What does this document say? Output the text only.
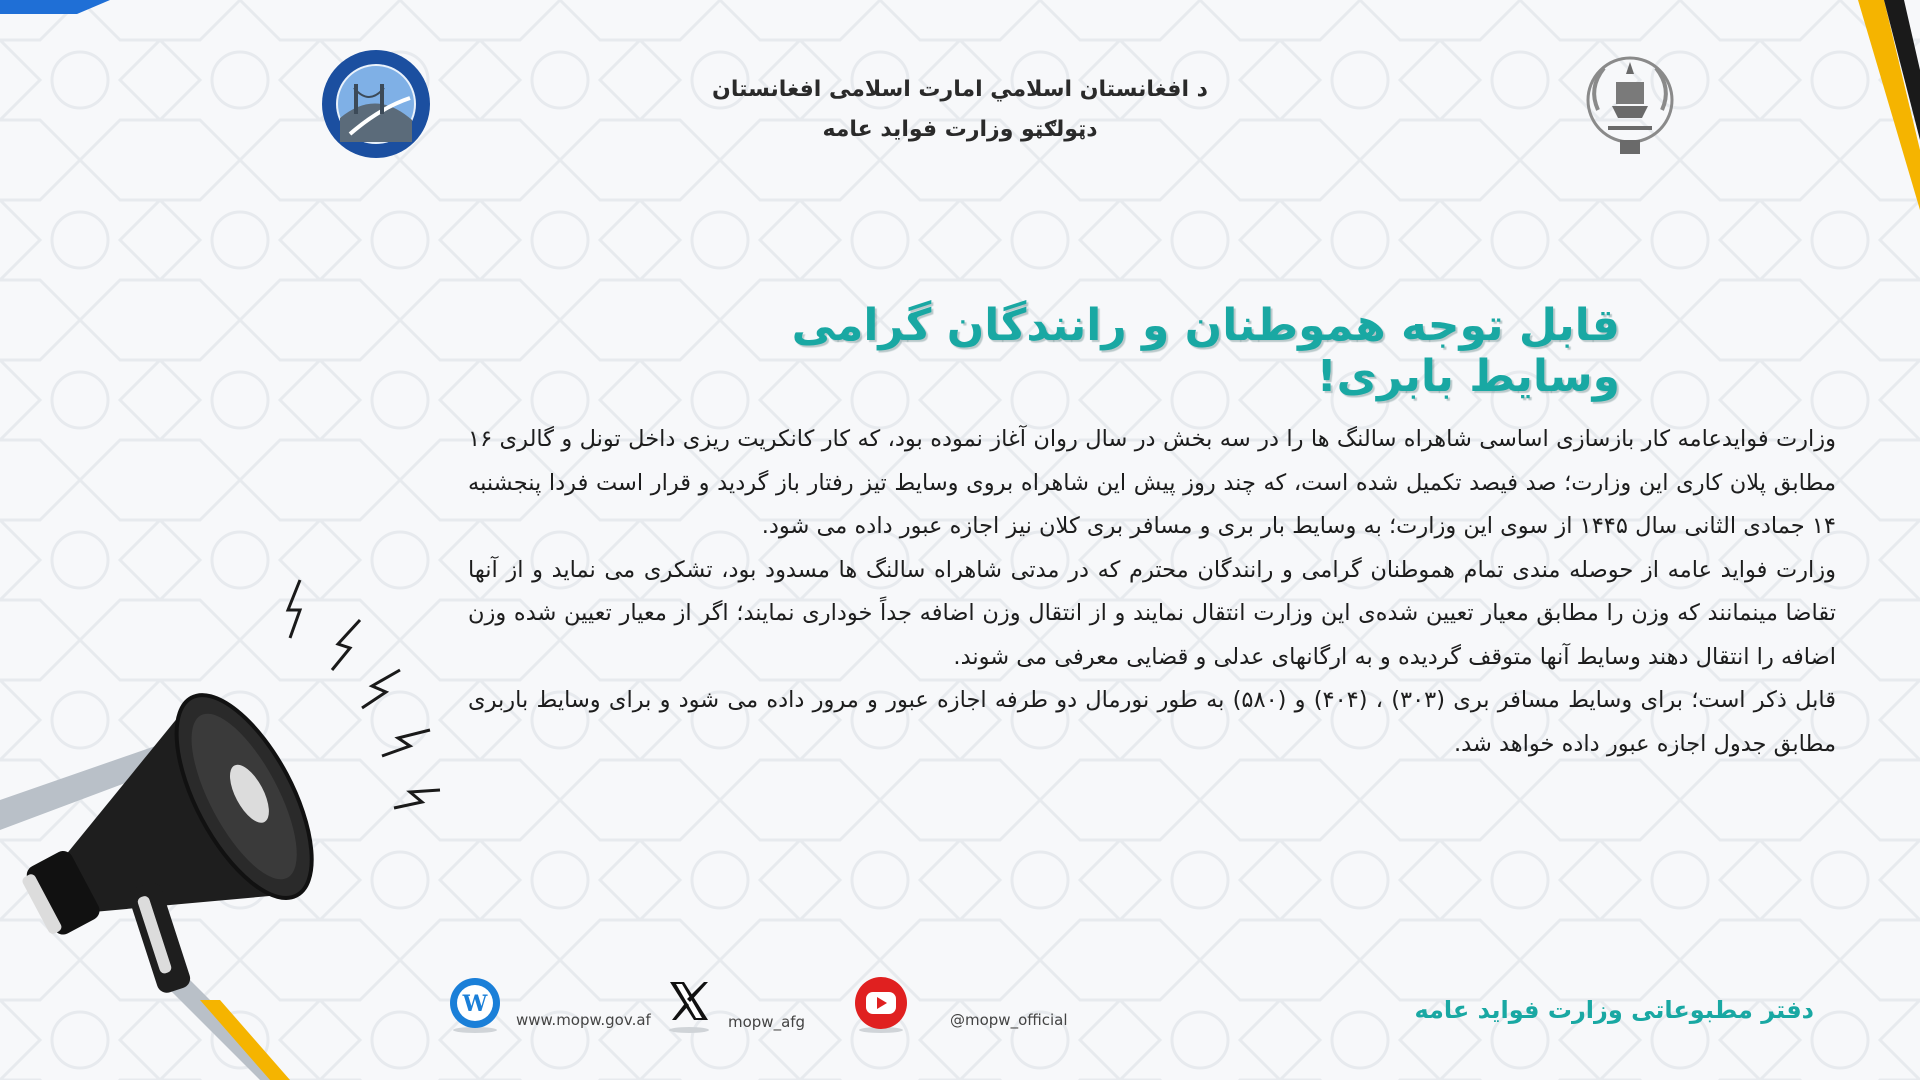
د افغانستان اسلامي امارت اسلامی افغانستان
دټولګټو وزارت فواید عامه
قابل توجه هموطنان و رانندگان گرامی وسایط بابری!

وزارت فوایدعامه کار بازسازی اساسی شاهراه سالنگ ها را در سه بخش در سال روان آغاز نموده بود، که کار کانکریت ریزی داخل تونل و گالری ۱۶ مطابق پلان کاری این وزارت؛ صد فیصد تکمیل شده است، که چند روز پیش این شاهراه بروی وسایط تیز رفتار باز گردید و قرار است فردا پنجشنبه ۱۴ جمادی الثانی سال ۱۴۴۵ از سوی این وزارت؛ به وسایط بار بری و مسافر بری کلان نیز اجازه عبور داده می شود.

وزارت فواید عامه از حوصله مندی تمام هموطنان گرامی و رانندگان محترم که در مدتی شاهراه سالنگ ها مسدود بود، تشکری می نماید و از آنها تقاضا مینمانند که وزن را مطابق معیار تعیین شده‌ی این وزارت انتقال نمایند و از انتقال وزن اضافه جداً خوداری نمایند؛ اگر از معیار تعیین شده وزن اضافه را انتقال دهند وسایط آنها متوقف گردیده و به ارگانهای عدلی و قضایی معرفی می شوند.

قابل ذکر است؛ برای وسایط مسافر بری (۳۰۳) ، (۴۰۴) و (۵۸۰) به طور نورمال دو طرفه اجازه عبور و مرور داده می شود و برای وسایط باربری مطابق جدول اجازه عبور داده خواهد شد.

W
www.mopw.gov.af	mopw_afg	@mopw_official	دفتر مطبوعاتی وزارت فواید عامه
